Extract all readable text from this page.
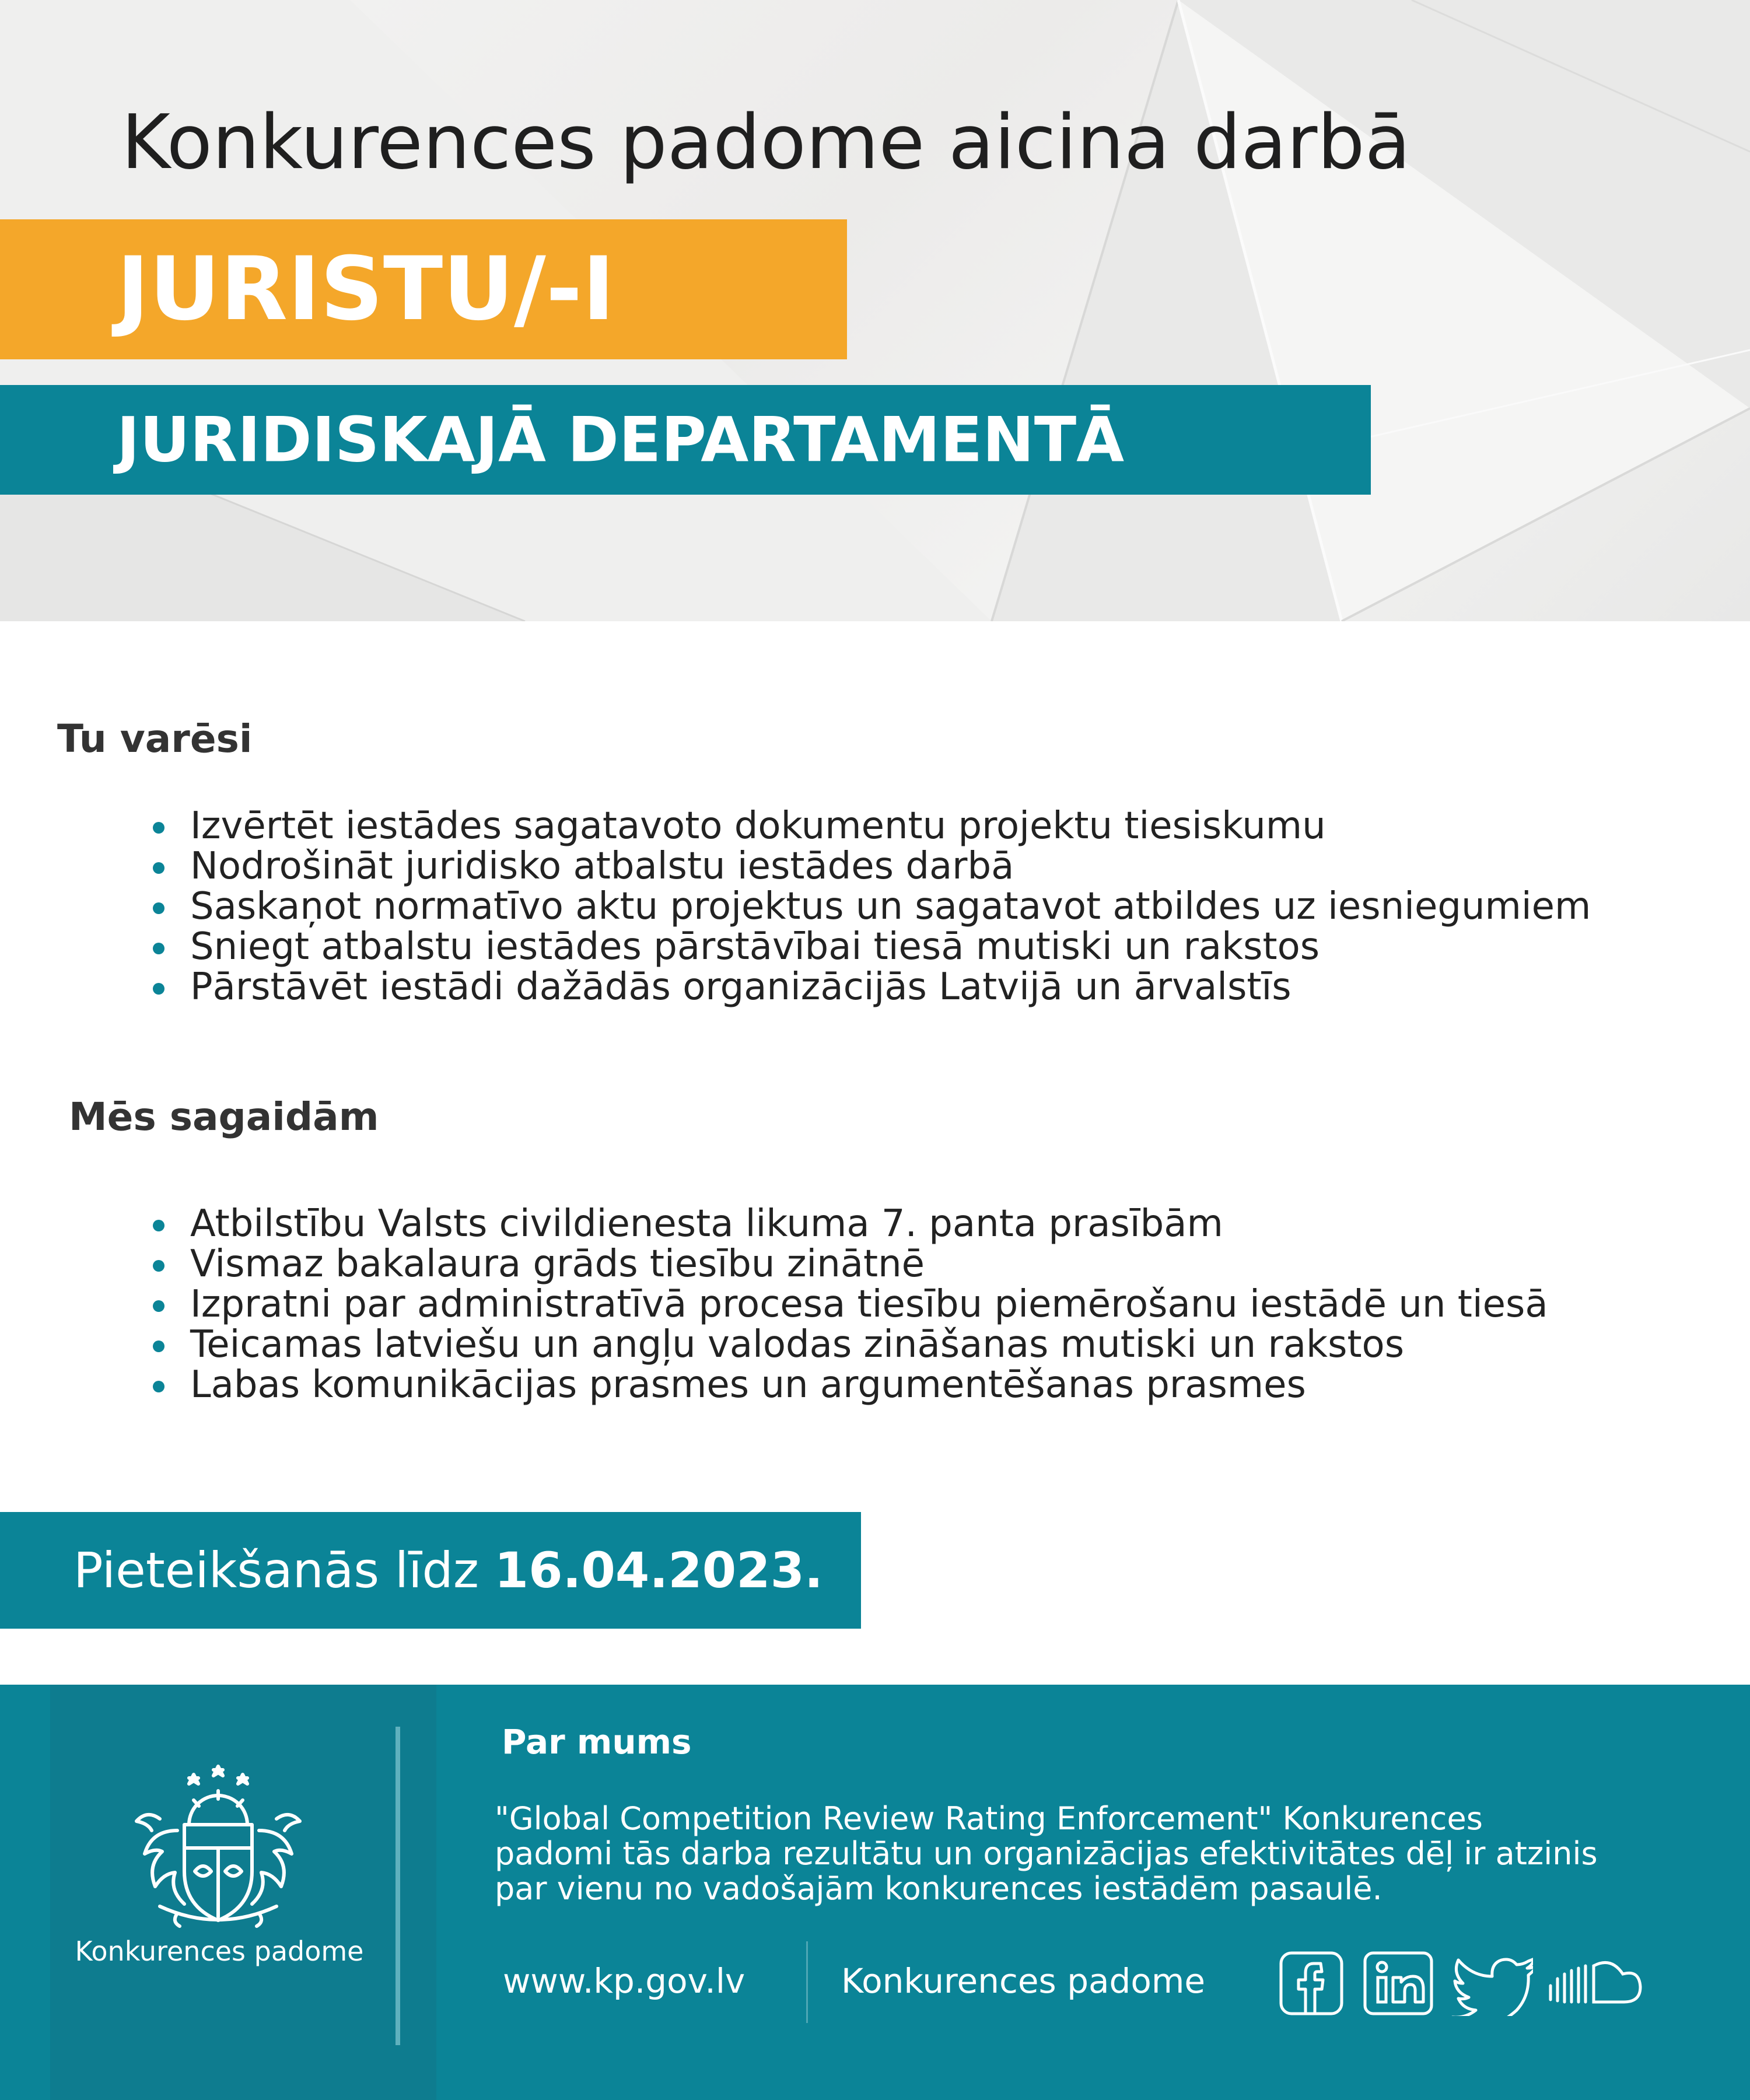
Konkurences padome aicina darbā
JURISTU/-I
JURIDISKAJĀ DEPARTAMENTĀ
Tu varēsi
Izvērtēt iestādes sagatavoto dokumentu projektu tiesiskumu
Nodrošināt juridisko atbalstu iestādes darbā
Saskaņot normatīvo aktu projektus un sagatavot atbildes uz iesniegumiem
Sniegt atbalstu iestādes pārstāvībai tiesā mutiski un rakstos
Pārstāvēt iestādi dažādās organizācijās Latvijā un ārvalstīs
Mēs sagaidām
Atbilstību Valsts civildienesta likuma 7. panta prasībām
Vismaz bakalaura grāds tiesību zinātnē
Izpratni par administratīvā procesa tiesību piemērošanu iestādē un tiesā
Teicamas latviešu un angļu valodas zināšanas mutiski un rakstos
Labas komunikācijas prasmes un argumentēšanas prasmes
Pieteikšanās līdz 16.04.2023.
Konkurences padome
Par mums

"Global Competition Review Rating Enforcement" Konkurences padomi tās darba rezultātu un organizācijas efektivitātes dēļ ir atzinis par vienu no vadošajām konkurences iestādēm pasaulē.

www.kp.gov.lv	Konkurences padome
